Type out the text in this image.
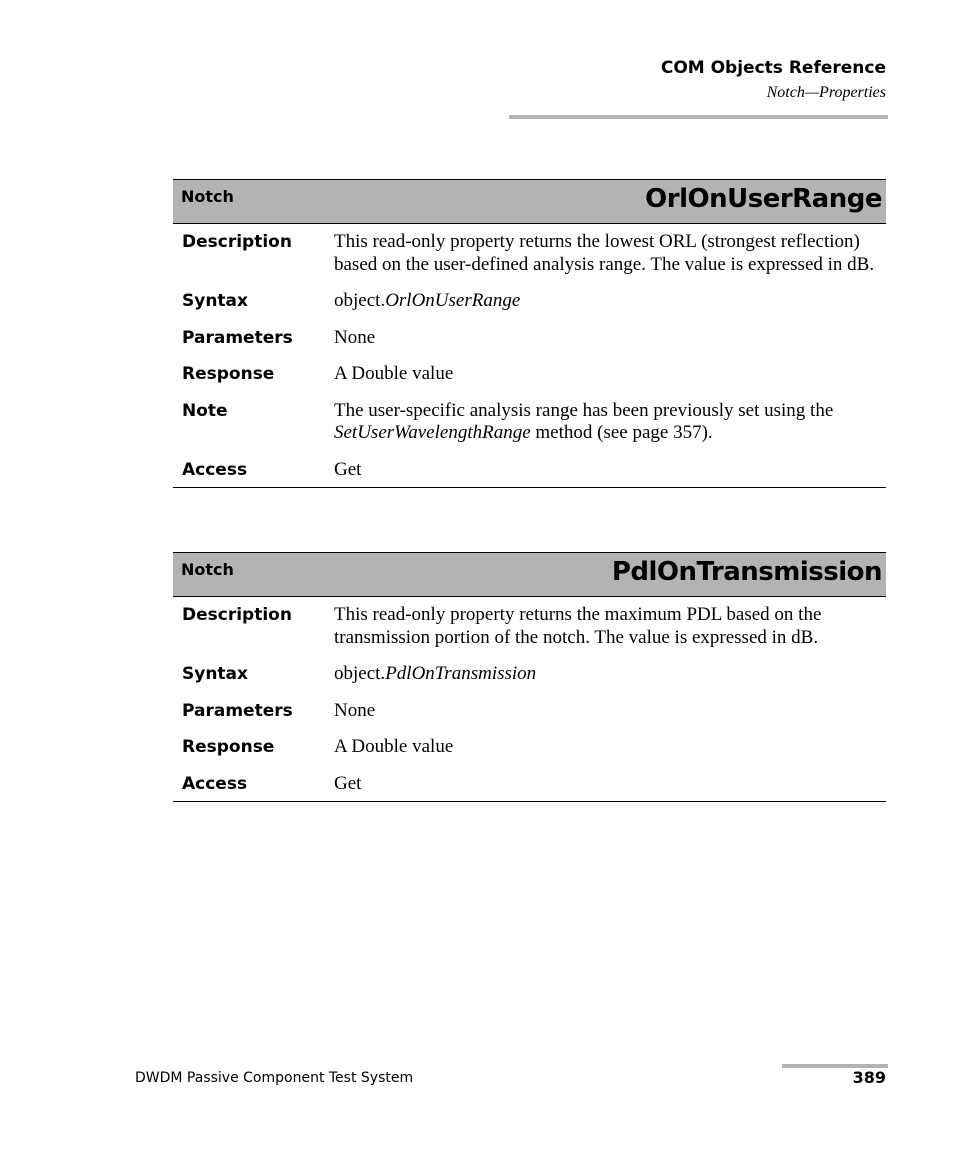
COM Objects Reference
Notch—Properties
Notch	OrlOnUserRange
Description	This read-only property returns the lowest ORL (strongest reflection) based on the user-defined analysis range. The value is expressed in dB.
Syntax	object.OrlOnUserRange
Parameters	None
Response	A Double value
Note	The user-specific analysis range has been previously set using the SetUserWavelengthRange method (see page 357).
Access	Get
Notch	PdlOnTransmission
Description	This read-only property returns the maximum PDL based on the transmission portion of the notch. The value is expressed in dB.
Syntax	object.PdlOnTransmission
Parameters	None
Response	A Double value
Access	Get
DWDM Passive Component Test System	389
